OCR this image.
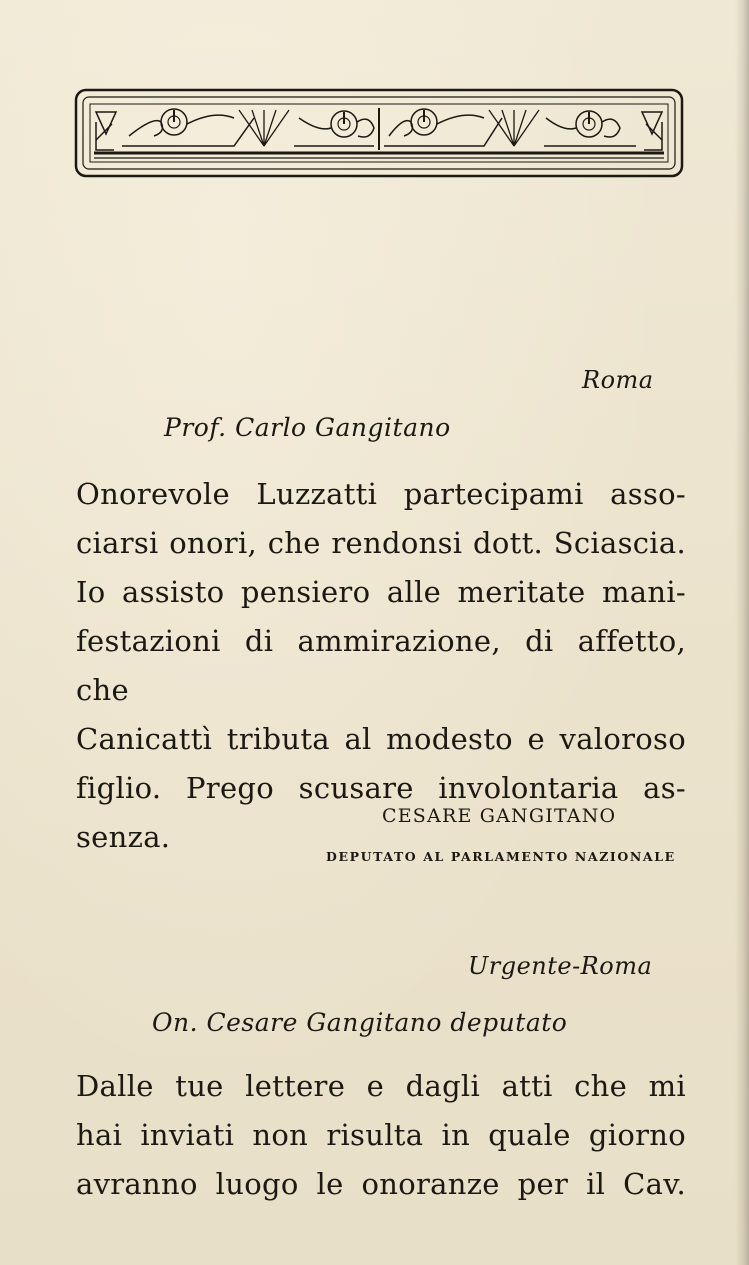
Roma

Prof. Carlo Gangitano

Onorevole Luzzatti partecipami asso-
ciarsi onori, che rendonsi dott. Sciascia.
Io assisto pensiero alle meritate mani-
festazioni di ammirazione, di affetto, che
Canicattì tributa al modesto e valoroso
figlio. Prego scusare involontaria as-
senza.

CESARE GANGITANO

DEPUTATO AL PARLAMENTO NAZIONALE

Urgente-Roma

On. Cesare Gangitano deputato

Dalle tue lettere e dagli atti che mi
hai inviati non risulta in quale giorno
avranno luogo le onoranze per il Cav.
